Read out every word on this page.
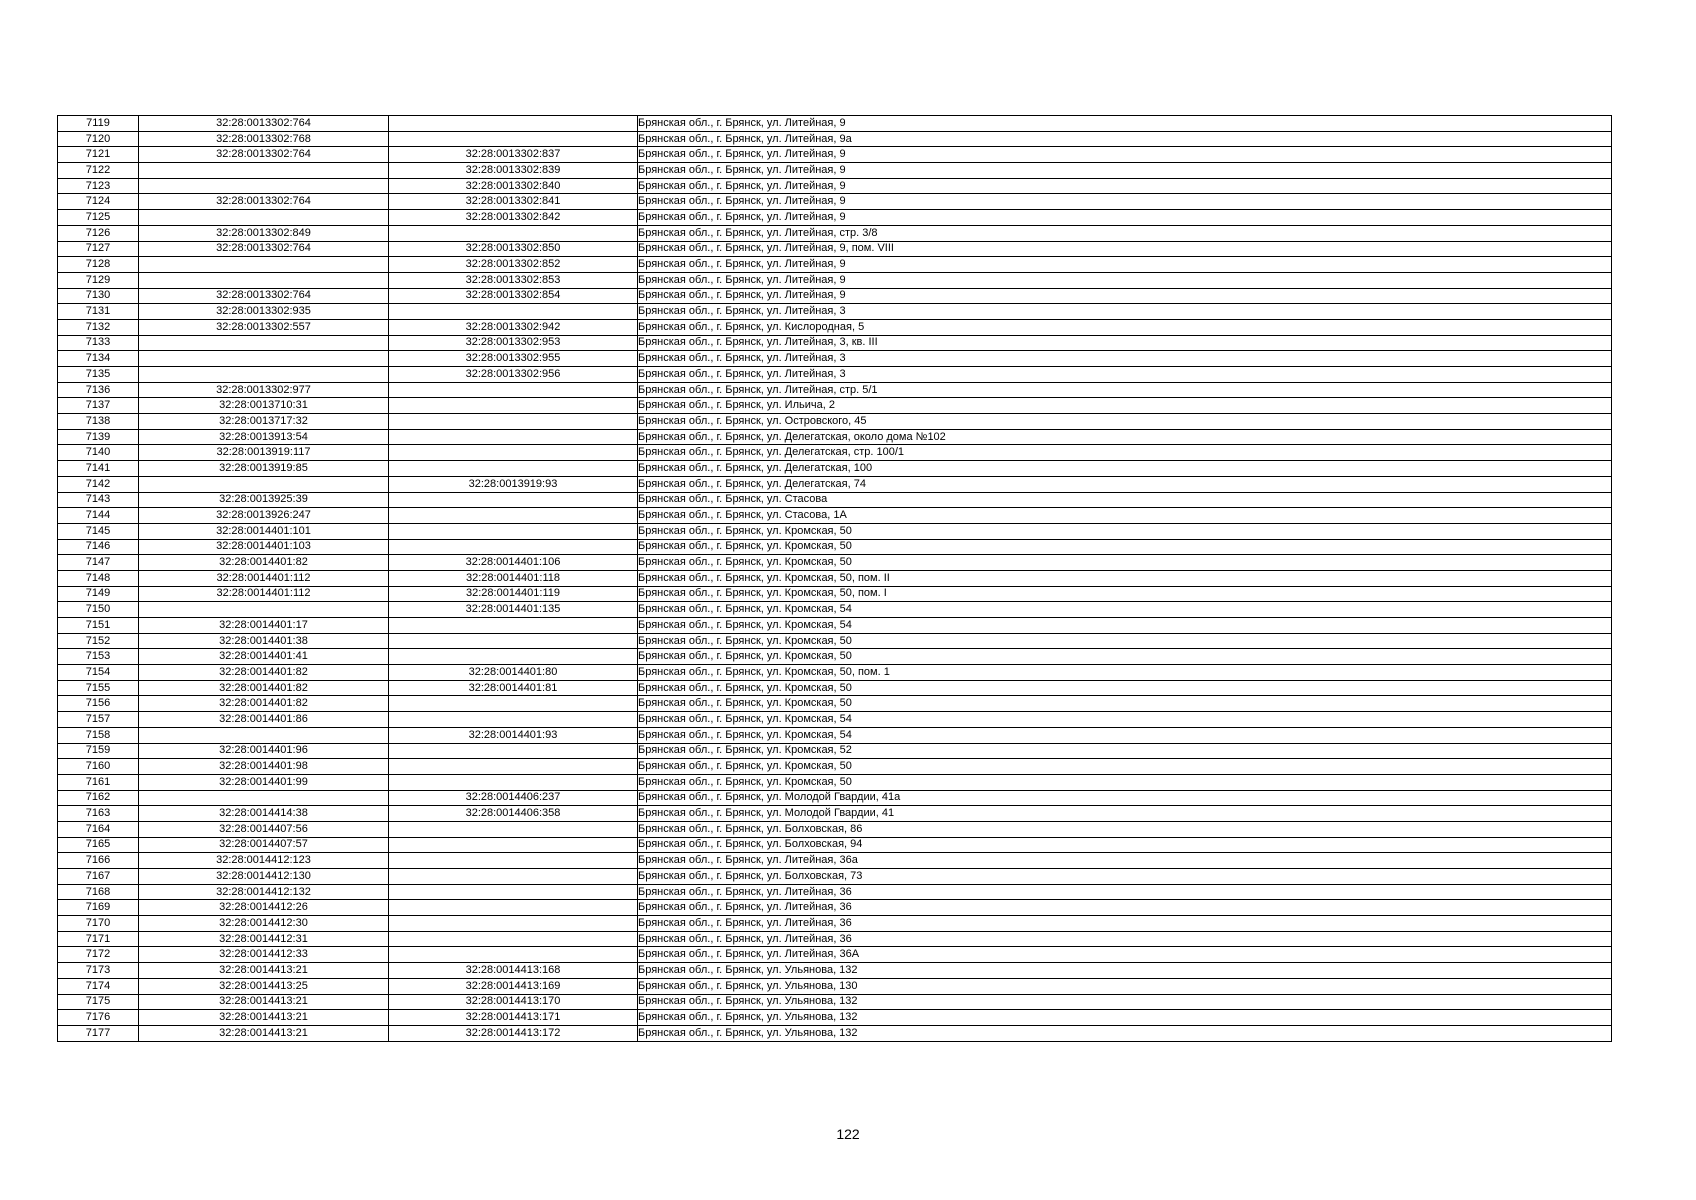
7119	32:28:0013302:764		Брянская обл., г. Брянск, ул. Литейная, 9
7120	32:28:0013302:768		Брянская обл., г. Брянск, ул. Литейная, 9а
7121	32:28:0013302:764	32:28:0013302:837	Брянская обл., г. Брянск, ул. Литейная, 9
7122		32:28:0013302:839	Брянская обл., г. Брянск, ул. Литейная, 9
7123		32:28:0013302:840	Брянская обл., г. Брянск, ул. Литейная, 9
7124	32:28:0013302:764	32:28:0013302:841	Брянская обл., г. Брянск, ул. Литейная, 9
7125		32:28:0013302:842	Брянская обл., г. Брянск, ул. Литейная, 9
7126	32:28:0013302:849		Брянская обл., г. Брянск, ул. Литейная, стр. 3/8
7127	32:28:0013302:764	32:28:0013302:850	Брянская обл., г. Брянск, ул. Литейная, 9, пом. VIII
7128		32:28:0013302:852	Брянская обл., г. Брянск, ул. Литейная, 9
7129		32:28:0013302:853	Брянская обл., г. Брянск, ул. Литейная, 9
7130	32:28:0013302:764	32:28:0013302:854	Брянская обл., г. Брянск, ул. Литейная, 9
7131	32:28:0013302:935		Брянская обл., г. Брянск, ул. Литейная, 3
7132	32:28:0013302:557	32:28:0013302:942	Брянская обл., г. Брянск, ул. Кислородная, 5
7133		32:28:0013302:953	Брянская обл., г. Брянск, ул. Литейная, 3, кв. III
7134		32:28:0013302:955	Брянская обл., г. Брянск, ул. Литейная, 3
7135		32:28:0013302:956	Брянская обл., г. Брянск, ул. Литейная, 3
7136	32:28:0013302:977		Брянская обл., г. Брянск, ул. Литейная, стр. 5/1
7137	32:28:0013710:31		Брянская обл., г. Брянск, ул. Ильича, 2
7138	32:28:0013717:32		Брянская обл., г. Брянск, ул. Островского, 45
7139	32:28:0013913:54		Брянская обл., г. Брянск, ул. Делегатская, около дома №102
7140	32:28:0013919:117		Брянская обл., г. Брянск, ул. Делегатская, стр. 100/1
7141	32:28:0013919:85		Брянская обл., г. Брянск, ул. Делегатская, 100
7142		32:28:0013919:93	Брянская обл., г. Брянск, ул. Делегатская, 74
7143	32:28:0013925:39		Брянская обл., г. Брянск, ул. Стасова
7144	32:28:0013926:247		Брянская обл., г. Брянск, ул. Стасова, 1А
7145	32:28:0014401:101		Брянская обл., г. Брянск, ул. Кромская, 50
7146	32:28:0014401:103		Брянская обл., г. Брянск, ул. Кромская, 50
7147	32:28:0014401:82	32:28:0014401:106	Брянская обл., г. Брянск, ул. Кромская, 50
7148	32:28:0014401:112	32:28:0014401:118	Брянская обл., г. Брянск, ул. Кромская, 50, пом. II
7149	32:28:0014401:112	32:28:0014401:119	Брянская обл., г. Брянск, ул. Кромская, 50, пом. I
7150		32:28:0014401:135	Брянская обл., г. Брянск, ул. Кромская, 54
7151	32:28:0014401:17		Брянская обл., г. Брянск, ул. Кромская, 54
7152	32:28:0014401:38		Брянская обл., г. Брянск, ул. Кромская, 50
7153	32:28:0014401:41		Брянская обл., г. Брянск, ул. Кромская, 50
7154	32:28:0014401:82	32:28:0014401:80	Брянская обл., г. Брянск, ул. Кромская, 50, пом. 1
7155	32:28:0014401:82	32:28:0014401:81	Брянская обл., г. Брянск, ул. Кромская, 50
7156	32:28:0014401:82		Брянская обл., г. Брянск, ул. Кромская, 50
7157	32:28:0014401:86		Брянская обл., г. Брянск, ул. Кромская, 54
7158		32:28:0014401:93	Брянская обл., г. Брянск, ул. Кромская, 54
7159	32:28:0014401:96		Брянская обл., г. Брянск, ул. Кромская, 52
7160	32:28:0014401:98		Брянская обл., г. Брянск, ул. Кромская, 50
7161	32:28:0014401:99		Брянская обл., г. Брянск, ул. Кромская, 50
7162		32:28:0014406:237	Брянская обл., г. Брянск, ул. Молодой Гвардии, 41а
7163	32:28:0014414:38	32:28:0014406:358	Брянская обл., г. Брянск, ул. Молодой Гвардии, 41
7164	32:28:0014407:56		Брянская обл., г. Брянск, ул. Болховская, 86
7165	32:28:0014407:57		Брянская обл., г. Брянск, ул. Болховская, 94
7166	32:28:0014412:123		Брянская обл., г. Брянск, ул. Литейная, 36а
7167	32:28:0014412:130		Брянская обл., г. Брянск, ул. Болховская, 73
7168	32:28:0014412:132		Брянская обл., г. Брянск, ул. Литейная, 36
7169	32:28:0014412:26		Брянская обл., г. Брянск, ул. Литейная, 36
7170	32:28:0014412:30		Брянская обл., г. Брянск, ул. Литейная, 36
7171	32:28:0014412:31		Брянская обл., г. Брянск, ул. Литейная, 36
7172	32:28:0014412:33		Брянская обл., г. Брянск, ул. Литейная, 36А
7173	32:28:0014413:21	32:28:0014413:168	Брянская обл., г. Брянск, ул. Ульянова, 132
7174	32:28:0014413:25	32:28:0014413:169	Брянская обл., г. Брянск, ул. Ульянова, 130
7175	32:28:0014413:21	32:28:0014413:170	Брянская обл., г. Брянск, ул. Ульянова, 132
7176	32:28:0014413:21	32:28:0014413:171	Брянская обл., г. Брянск, ул. Ульянова, 132
7177	32:28:0014413:21	32:28:0014413:172	Брянская обл., г. Брянск, ул. Ульянова, 132
122
